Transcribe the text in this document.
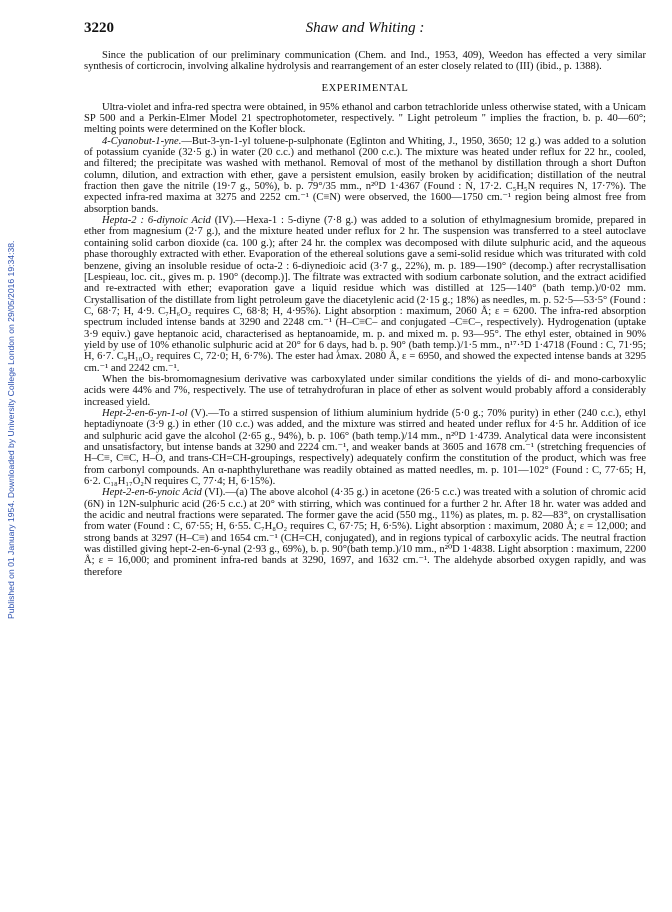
Published on 01 January 1954. Downloaded by University College London on 29/05/2016 19:34:38.
3220	Shaw and Whiting :

Since the publication of our preliminary communication (Chem. and Ind., 1953, 409), Weedon has effected a very similar synthesis of corticrocin, involving alkaline hydrolysis and rearrangement of an ester closely related to (III) (ibid., p. 1388).

EXPERIMENTAL

Ultra-violet and infra-red spectra were obtained, in 95% ethanol and carbon tetrachloride unless otherwise stated, with a Unicam SP 500 and a Perkin-Elmer Model 21 spectrophotometer, respectively. " Light petroleum " implies the fraction, b. p. 40—60°; melting points were determined on the Kofler block.

4-Cyanobut-1-yne.—But-3-yn-1-yl toluene-p-sulphonate (Eglinton and Whiting, J., 1950, 3650; 12 g.) was added to a solution of potassium cyanide (32·5 g.) in water (20 c.c.) and methanol (200 c.c.). The mixture was heated under reflux for 22 hr., cooled, and filtered; the precipitate was washed with methanol. Removal of most of the methanol by distillation through a short Dufton column, dilution, and extraction with ether, gave a persistent emulsion, easily broken by acidification; distillation of the neutral fraction then gave the nitrile (19·7 g., 50%), b. p. 79°/35 mm., n²⁰D 1·4367 (Found : N, 17·2. C₅H₅N requires N, 17·7%). The expected infra-red maxima at 3275 and 2252 cm.⁻¹ (C≡N) were observed, the 1600—1750 cm.⁻¹ region being almost free from absorption bands.

Hepta-2 : 6-diynoic Acid (IV).—Hexa-1 : 5-diyne (7·8 g.) was added to a solution of ethylmagnesium bromide, prepared in ether from magnesium (2·7 g.), and the mixture heated under reflux for 2 hr. The suspension was transferred to a steel autoclave containing solid carbon dioxide (ca. 100 g.); after 24 hr. the complex was decomposed with dilute sulphuric acid, and the aqueous phase thoroughly extracted with ether. Evaporation of the ethereal solutions gave a semi-solid residue which was triturated with cold benzene, giving an insoluble residue of octa-2 : 6-diynedioic acid (3·7 g., 22%), m. p. 189—190° (decomp.) after recrystallisation [Lespieau, loc. cit., gives m. p. 190° (decomp.)]. The filtrate was extracted with sodium carbonate solution, and the extract acidified and re-extracted with ether; evaporation gave a liquid residue which was distilled at 125—140° (bath temp.)/0·02 mm. Crystallisation of the distillate from light petroleum gave the diacetylenic acid (2·15 g.; 18%) as needles, m. p. 52·5—53·5° (Found : C, 68·7; H, 4·9. C₇H₆O₂ requires C, 68·8; H, 4·95%). Light absorption : maximum, 2060 Å; ε = 6200. The infra-red absorption spectrum included intense bands at 3290 and 2248 cm.⁻¹ (H–C≡C– and conjugated –C≡C–, respectively). Hydrogenation (uptake 3·9 equiv.) gave heptanoic acid, characterised as heptanoamide, m. p. and mixed m. p. 93—95°. The ethyl ester, obtained in 90% yield by use of 10% ethanolic sulphuric acid at 20° for 6 days, had b. p. 90° (bath temp.)/1·5 mm., n¹⁷·⁵D 1·4718 (Found : C, 71·95; H, 6·7. C₉H₁₀O₂ requires C, 72·0; H, 6·7%). The ester had λmax. 2080 Å, ε = 6950, and showed the expected intense bands at 3295 cm.⁻¹ and 2242 cm.⁻¹.

When the bis-bromomagnesium derivative was carboxylated under similar conditions the yields of di- and mono-carboxylic acids were 44% and 7%, respectively. The use of tetrahydrofuran in place of ether as solvent would probably afford a considerably increased yield.

Hept-2-en-6-yn-1-ol (V).—To a stirred suspension of lithium aluminium hydride (5·0 g.; 70% purity) in ether (240 c.c.), ethyl heptadiynoate (3·9 g.) in ether (10 c.c.) was added, and the mixture was stirred and heated under reflux for 4·5 hr. Addition of ice and sulphuric acid gave the alcohol (2·65 g., 94%), b. p. 106° (bath temp.)/14 mm., n²⁰D 1·4739. Analytical data were inconsistent and unsatisfactory, but intense bands at 3290 and 2224 cm.⁻¹, and weaker bands at 3605 and 1678 cm.⁻¹ (stretching frequencies of H–C≡, C≡C, H–O, and trans-CH=CH-groupings, respectively) adequately confirm the constitution of the product, which was free from carbonyl compounds. An α-naphthylurethane was readily obtained as matted needles, m. p. 101—102° (Found : C, 77·65; H, 6·2. C₁₈H₁₇O₂N requires C, 77·4; H, 6·15%).

Hept-2-en-6-ynoic Acid (VI).—(a) The above alcohol (4·35 g.) in acetone (26·5 c.c.) was treated with a solution of chromic acid (6N) in 12N-sulphuric acid (26·5 c.c.) at 20° with stirring, which was continued for a further 2 hr. After 18 hr. water was added and the acidic and neutral fractions were separated. The former gave the acid (550 mg., 11%) as plates, m. p. 82—83°, on crystallisation from water (Found : C, 67·55; H, 6·55. C₇H₈O₂ requires C, 67·75; H, 6·5%). Light absorption : maximum, 2080 Å; ε = 12,000; and strong bands at 3297 (H–C≡) and 1654 cm.⁻¹ (CH=CH, conjugated), and in regions typical of carboxylic acids. The neutral fraction was distilled giving hept-2-en-6-ynal (2·93 g., 69%), b. p. 90°(bath temp.)/10 mm., n²⁰D 1·4838. Light absorption : maximum, 2200 Å; ε = 16,000; and prominent infra-red bands at 3290, 1697, and 1632 cm.⁻¹. The aldehyde absorbed oxygen rapidly, and was therefore
